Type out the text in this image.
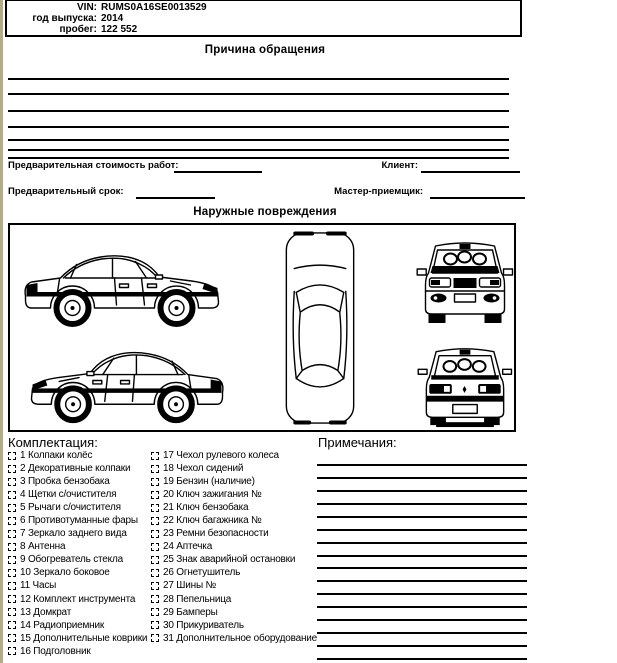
VIN: RUMS0A16SE0013529
год выпуска: 2014
пробег: 122 552
Причина обращения
Предварительная стоимость работ:	Клиент:
Предварительный срок:	Мастер-приемщик:
Наружные повреждения
Комплектация:
1 Колпаки колёс
2 Декоративные колпаки
3 Пробка бензобака
4 Щетки с/очистителя
5 Рычаги с/очистителя
6 Противотуманные фары
7 Зеркало заднего вида
8 Антенна
9 Обогреватель стекла
10 Зеркало боковое
11 Часы
12 Комплект инструмента
13 Домкрат
14 Радиоприемник
15 Дополнительные коврики
16 Подголовник
17 Чехол рулевого колеса
18 Чехол сидений
19 Бензин (наличие)
20 Ключ зажигания №
21 Ключ бензобака
22 Ключ багажника №
23 Ремни безопасности
24 Аптечка
25 Знак аварийной остановки
26 Огнетушитель
27 Шины №
28 Пепельница
29 Бамперы
30 Прикуриватель
31 Дополнительное оборудование
Примечания:
